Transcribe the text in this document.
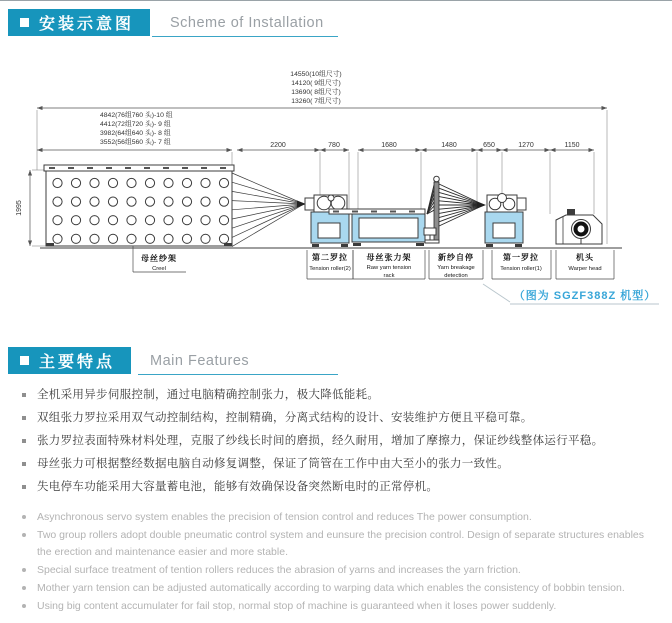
安装示意图 Scheme of Installation
14550(10组尺寸)
14120( 9组尺寸)
13690( 8组尺寸)
13260( 7组尺寸)
4842(76组760 头)-10 组
4412(72组720 头)- 9 组
3982(64组640 头)- 8 组
3552(56组560 头)- 7 组	2200	780	1680	1480	650	1270	1150
1995
母丝纱架
Creel
第二罗拉
Tension roller(2)
母丝张力架
Raw yarn tension
rack
新纱自停
Yarn breakage
detection
第一罗拉
Tension roller(1)
机头
Warper head
（图为 SGZF388Z 机型）
主要特点 Main Features
全机采用异步伺服控制，通过电脑精确控制张力，极大降低能耗。
双组张力罗拉采用双气动控制结构，控制精确，分离式结构的设计、安装维护方便且平稳可靠。
张力罗拉表面特殊材料处理，克服了纱线长时间的磨损，经久耐用，增加了摩擦力，保证纱线整体运行平稳。
母丝张力可根据整经数据电脑自动修复调整，保证了筒管在工作中由大至小的张力一致性。
失电停车功能采用大容量蓄电池，能够有效确保设备突然断电时的正常停机。
Asynchronous servo system enables the precision of tension control and reduces The power consumption.
Two group rollers adopt double pneumatic control system and eunsure the precision control. Design of separate structures enables the erection and maintenance easier and more stable.
Special surface treatment of tention rollers reduces the abrasion of yarns and increases the yarn friction.
Mother yarn tension can be adjusted automatically according to warping data which enables the consistency of bobbin tension.
Using big content accumulater for fail stop, normal stop of machine is guaranteed when it loses power suddenly.
